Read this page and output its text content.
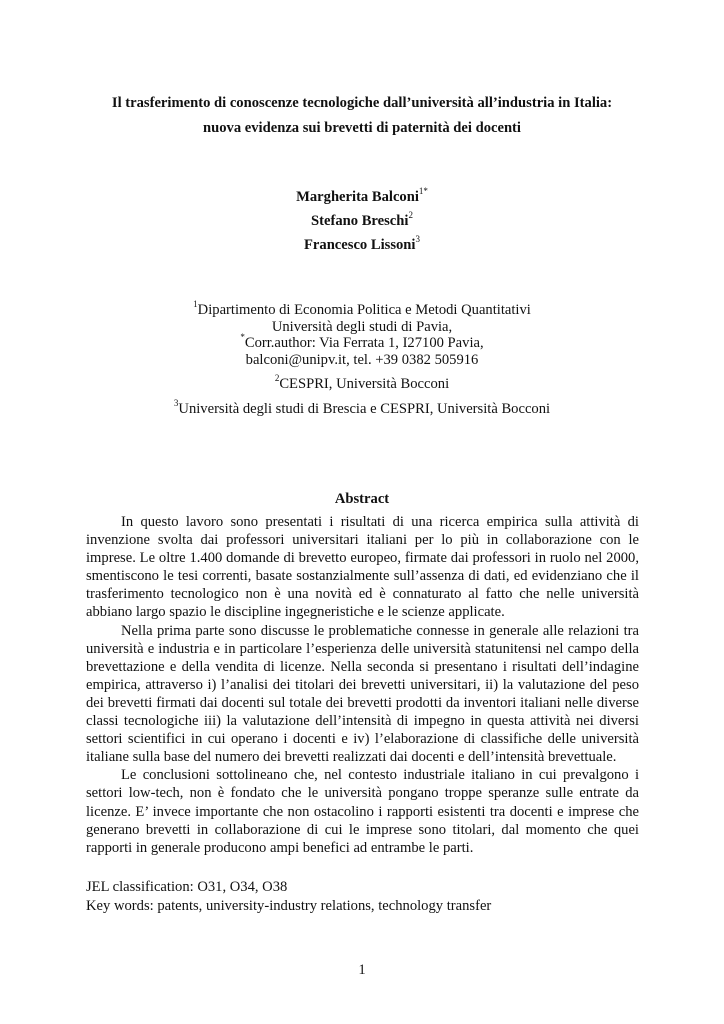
Il trasferimento di conoscenze tecnologiche dall’università all’industria in Italia:
nuova evidenza sui brevetti di paternità dei docenti
Margherita Balconi$^{1*}$
Stefano Breschi$^2$
Francesco Lissoni$^3$
$^1$Dipartimento di Economia Politica e Metodi Quantitativi
Università degli studi di Pavia,
*Corr.author: Via Ferrata 1, I27100 Pavia,
balconi@unipv.it, tel. +39 0382 505916
$^2$CESPRI, Università Bocconi
$^3$Università degli studi di Brescia e CESPRI, Università Bocconi
Abstract

In questo lavoro sono presentati i risultati di una ricerca empirica sulla attività di invenzione svolta dai professori universitari italiani per lo più in collaborazione con le imprese. Le oltre 1.400 domande di brevetto europeo, firmate dai professori in ruolo nel 2000, smentiscono le tesi correnti, basate sostanzialmente sull’assenza di dati, ed evidenziano che il trasferimento tecnologico non è una novità ed è connaturato al fatto che nelle università abbiano largo spazio le discipline ingegneristiche e le scienze applicate.

Nella prima parte sono discusse le problematiche connesse in generale alle relazioni tra università e industria e in particolare l’esperienza delle università statunitensi nel campo della brevettazione e della vendita di licenze. Nella seconda si presentano i risultati dell’indagine empirica, attraverso i) l’analisi dei titolari dei brevetti universitari, ii) la valutazione del peso dei brevetti firmati dai docenti sul totale dei brevetti prodotti da inventori italiani nelle diverse classi tecnologiche iii) la valutazione dell’intensità di impegno in questa attività nei diversi settori scientifici in cui operano i docenti e iv) l’elaborazione di classifiche delle università italiane sulla base del numero dei brevetti realizzati dai docenti e dell’intensità brevettuale.

Le conclusioni sottolineano che, nel contesto industriale italiano in cui prevalgono i settori low-tech, non è fondato che le università pongano troppe speranze sulle entrate da licenze. E’ invece importante che non ostacolino i rapporti esistenti tra docenti e imprese che generano brevetti in collaborazione di cui le imprese sono titolari, dal momento che quei rapporti in generale producono ampi benefici ad entrambe le parti.

JEL classification: O31, O34, O38
Key words: patents, university-industry relations, technology transfer
1
